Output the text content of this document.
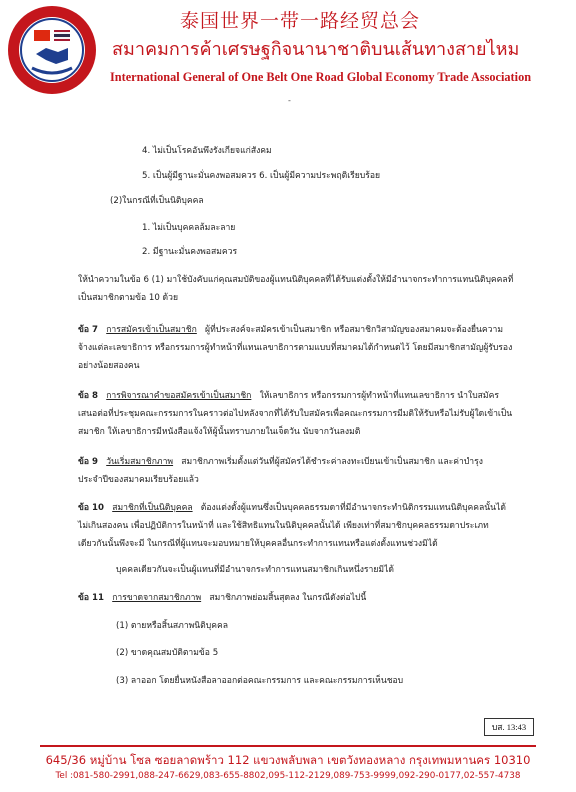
泰国世界一带一路经贸总会
สมาคมการค้าเศรษฐกิจนานาชาติบนเส้นทางสายไหม
International General of One Belt One Road Global Economy Trade Association
-
4. ไม่เป็นโรคอันพึงรังเกียจแก่สังคม
5. เป็นผู้มีฐานะมั่นคงพอสมควร 6. เป็นผู้มีความประพฤติเรียบร้อย
(2)ในกรณีที่เป็นนิติบุคคล
1. ไม่เป็นบุคคลล้มละลาย
2. มีฐานะมั่นคงพอสมควร
ให้นำความในข้อ 6 (1) มาใช้บังคับแก่คุณสมบัติของผู้แทนนิติบุคคลที่ได้รับแต่งตั้งให้มีอำนาจกระทำการแทนนิติบุคคลที่
เป็นสมาชิกตามข้อ 10 ด้วย
ข้อ 7 การสมัครเข้าเป็นสมาชิก ผู้ที่ประสงค์จะสมัครเข้าเป็นสมาชิก หรือสมาชิกวิสามัญของสมาคมจะต้องยื่นความ
จ้างแต่ละเลขาธิการ หรือกรรมการผู้ทำหน้าที่แทนเลขาธิการตามแบบที่สมาคมได้กำหนดไว้ โดยมีสมาชิกสามัญผู้รับรอง
อย่างน้อยสองคน
ข้อ 8 การพิจารณาคำขอสมัครเข้าเป็นสมาชิก ให้เลขาธิการ หรือกรรมการผู้ทำหน้าที่แทนเลขาธิการ นำใบสมัคร
เสนอต่อที่ประชุมคณะกรรมการในคราวต่อไปหลังจากที่ได้รับใบสมัครเพื่อคณะกรรมการมีมติให้รับหรือไม่รับผู้ใดเข้าเป็น
สมาชิก ให้เลขาธิการมีหนังสือแจ้งให้ผู้นั้นทราบภายในเจ็ดวัน นับจากวันลงมติ
ข้อ 9 วันเริ่มสมาชิกภาพ สมาชิกภาพเริ่มตั้งแต่วันที่ผู้สมัครได้ชำระค่าลงทะเบียนเข้าเป็นสมาชิก และค่าบำรุง
ประจำปีของสมาคมเรียบร้อยแล้ว
ข้อ 10 สมาชิกที่เป็นนิติบุคคล ต้องแต่งตั้งผู้แทนซึ่งเป็นบุคคลธรรมดาที่มีอำนาจกระทำนิติกรรมแทนนิติบุคคลนั้นได้
ไม่เกินสองคน เพื่อปฏิบัติการในหน้าที่ และใช้สิทธิแทนในนิติบุคคลนั้นได้ เพียงเท่าที่สมาชิกบุคคลธรรมดาประเภท
เดียวกันนั้นพึงจะมี ในกรณีที่ผู้แทนจะมอบหมายให้บุคคลอื่นกระทำการแทนหรือแต่งตั้งแทนช่วงมิได้
บุคคลเดียวกันจะเป็นผู้แทนที่มีอำนาจกระทำการแทนสมาชิกเกินหนึ่งรายมิได้
ข้อ 11 การขาดจากสมาชิกภาพ สมาชิกภาพย่อมสิ้นสุดลง ในกรณีดังต่อไปนี้
(1) ตายหรือสิ้นสภาพนิติบุคคล
(2) ขาดคุณสมบัติตามข้อ 5
(3) ลาออก โดยยื่นหนังสือลาออกต่อคณะกรรมการ และคณะกรรมการเห็นชอบ
บส. 13:43
645/36 หมู่บ้าน โซล ซอยลาดพร้าว 112 แขวงพลับพลา เขตวังทองหลาง กรุงเทพมหานคร 10310
Tel :081-580-2991,088-247-6629,083-655-8802,095-112-2129,089-753-9999,092-290-0177,02-557-4738
